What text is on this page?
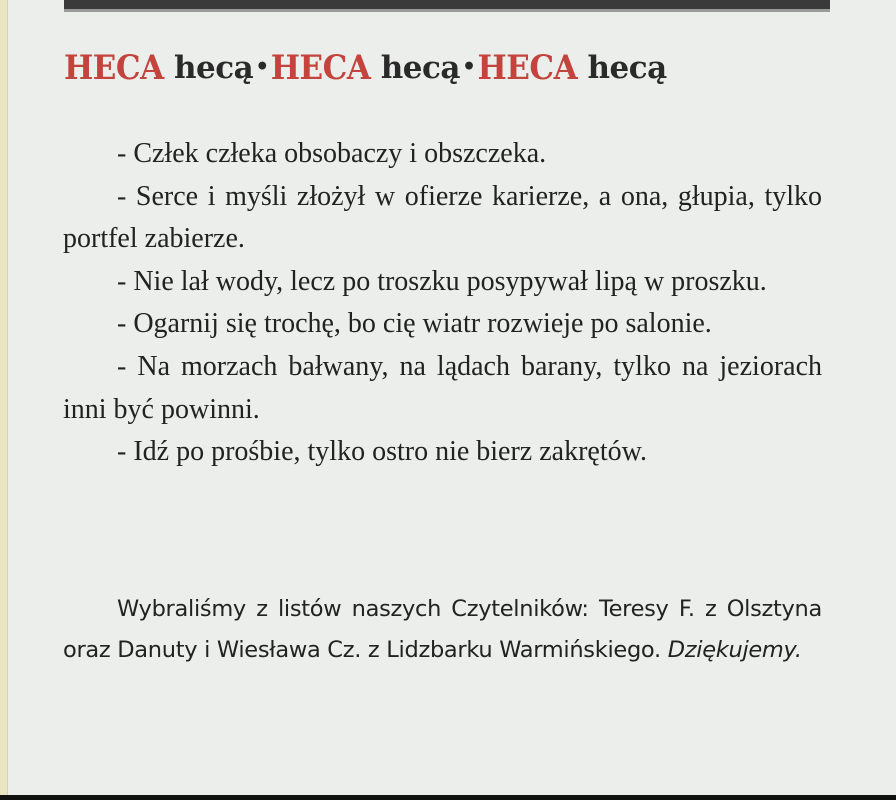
HECA hecą•HECA hecą•HECA hecą

- Człek człeka obsobaczy i obszczeka.

- Serce i myśli złożył w ofierze karierze, a ona, głupia, tylko portfel zabierze.

- Nie lał wody, lecz po troszku posypywał lipą w proszku.

- Ogarnij się trochę, bo cię wiatr rozwieje po salonie.

- Na morzach bałwany, na lądach barany, tylko na jeziorach inni być powinni.

- Idź po prośbie, tylko ostro nie bierz zakrętów.

Wybraliśmy z listów naszych Czytelników: Teresy F. z Olsztyna oraz Danuty i Wiesława Cz. z Lidzbarku Warmińskiego. Dziękujemy.
